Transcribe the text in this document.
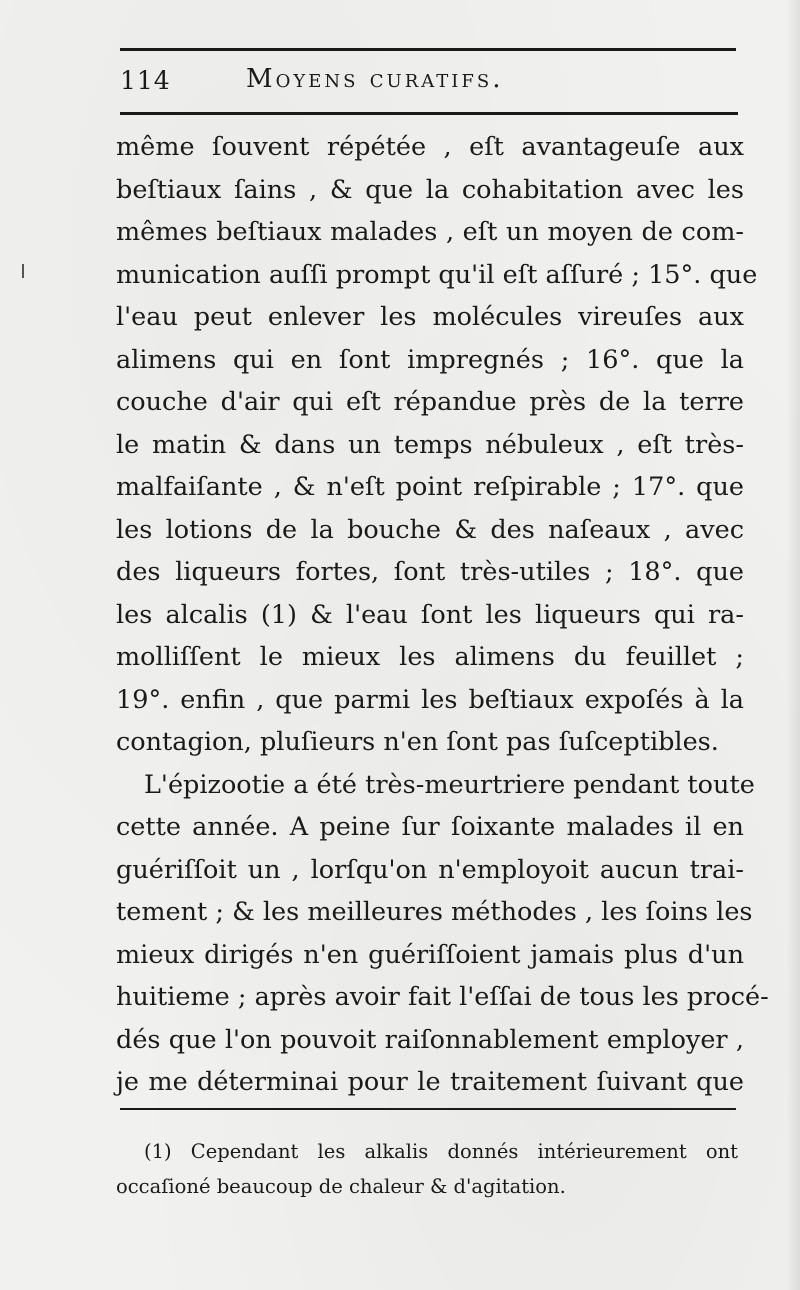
114	Moyens curatifs.
même ſouvent répétée , eſt avantageuſe aux
beſtiaux ſains , & que la cohabitation avec les
mêmes beſtiaux malades , eſt un moyen de com-
munication auſſi prompt qu'il eſt aſſuré ; 15°. que
l'eau peut enlever les molécules vireuſes aux
alimens qui en ſont impregnés ; 16°. que la
couche d'air qui eſt répandue près de la terre
le matin & dans un temps nébuleux , eſt très-
malfaiſante , & n'eſt point reſpirable ; 17°. que
les lotions de la bouche & des naſeaux , avec
des liqueurs fortes, ſont très-utiles ; 18°. que
les alcalis (1) & l'eau ſont les liqueurs qui ra-
molliſſent le mieux les alimens du feuillet ;
19°. enfin , que parmi les beſtiaux expoſés à la
contagion, pluſieurs n'en ſont pas ſuſceptibles.
L'épizootie a été très-meurtriere pendant toute
cette année. A peine ſur ſoixante malades il en
guériſſoit un , lorſqu'on n'employoit aucun trai-
tement ; & les meilleures méthodes , les ſoins les
mieux dirigés n'en guériſſoient jamais plus d'un
huitieme ; après avoir fait l'eſſai de tous les procé-
dés que l'on pouvoit raiſonnablement employer ,
je me déterminai pour le traitement ſuivant que
(1) Cependant les alkalis donnés intérieurement ont
occaſioné beaucoup de chaleur & d'agitation.
